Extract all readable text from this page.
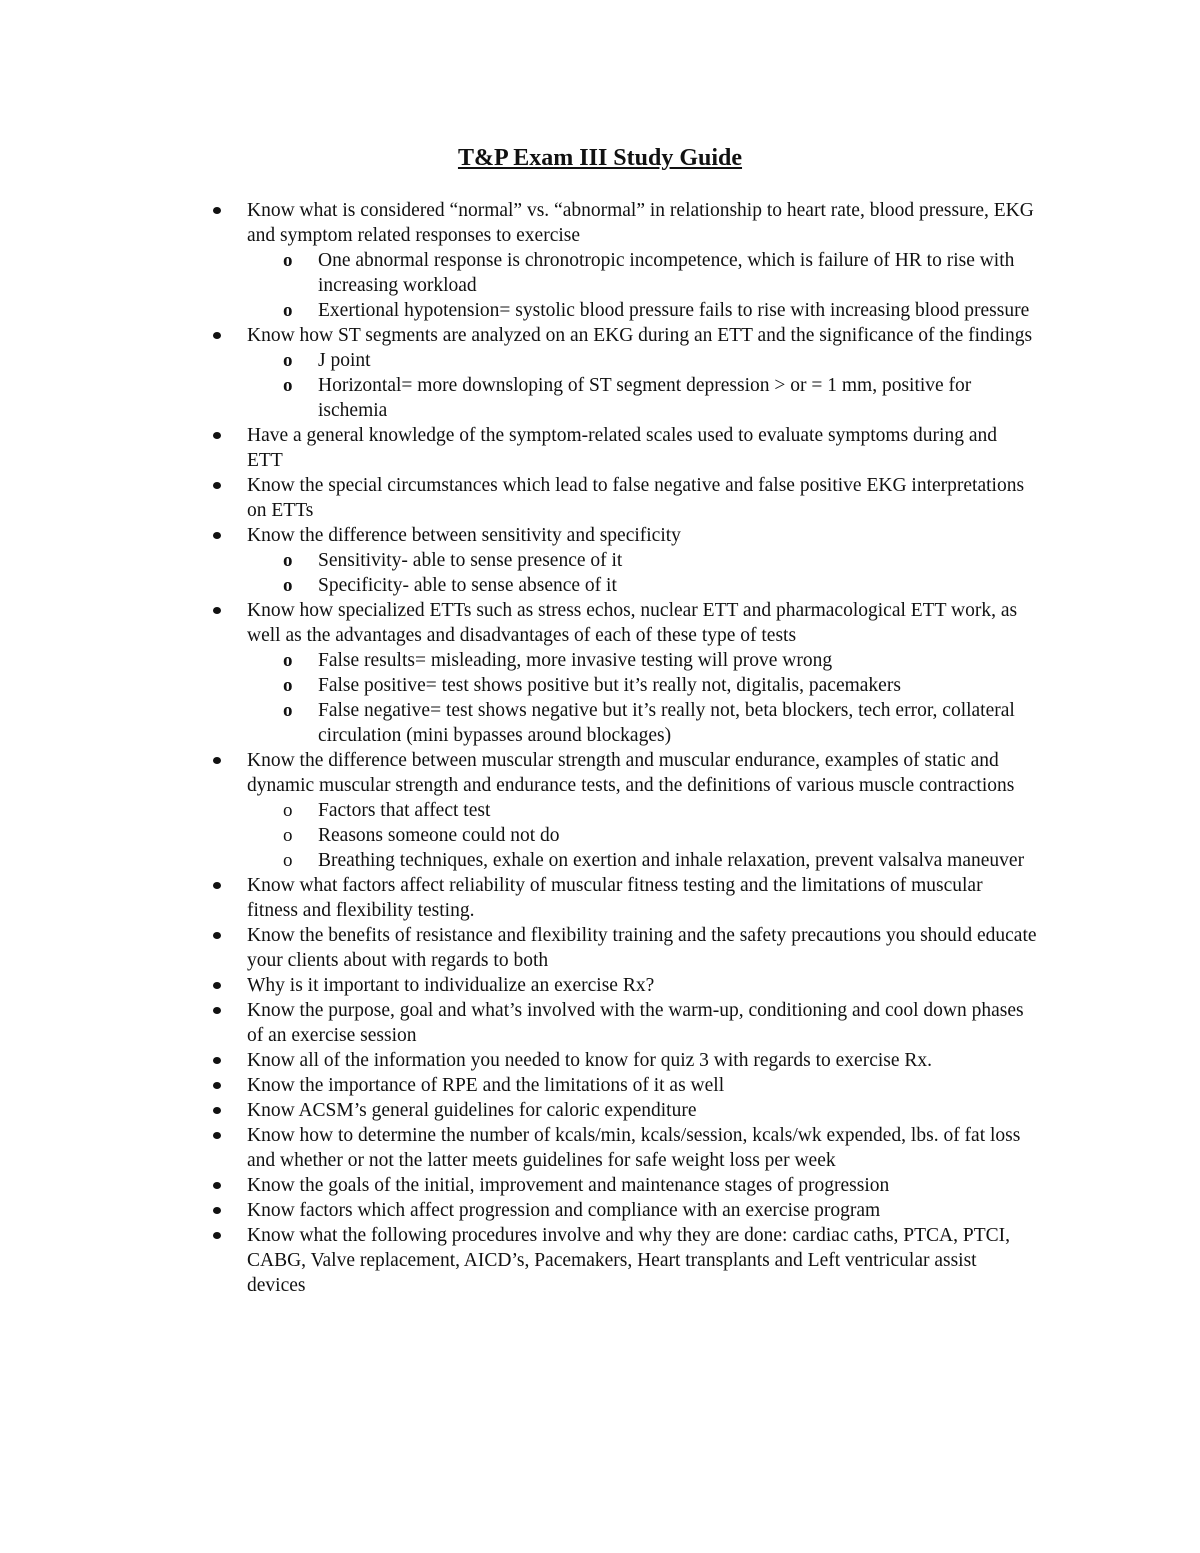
T&P Exam III Study Guide
Know what is considered “normal” vs. “abnormal” in relationship to heart rate, blood pressure, EKG and symptom related responses to exercise
o One abnormal response is chronotropic incompetence, which is failure of HR to rise with increasing workload
o Exertional hypotension= systolic blood pressure fails to rise with increasing blood pressure
Know how ST segments are analyzed on an EKG during an ETT and the significance of the findings
o J point
o Horizontal= more downsloping of ST segment depression > or = 1 mm, positive for ischemia
Have a general knowledge of the symptom-related scales used to evaluate symptoms during and ETT
Know the special circumstances which lead to false negative and false positive EKG interpretations on ETTs
Know the difference between sensitivity and specificity
o Sensitivity- able to sense presence of it
o Specificity- able to sense absence of it
Know how specialized ETTs such as stress echos, nuclear ETT and pharmacological ETT work, as well as the advantages and disadvantages of each of these type of tests
o False results= misleading, more invasive testing will prove wrong
o False positive= test shows positive but it’s really not, digitalis, pacemakers
o False negative= test shows negative but it’s really not, beta blockers, tech error, collateral circulation (mini bypasses around blockages)
Know the difference between muscular strength and muscular endurance, examples of static and dynamic muscular strength and endurance tests, and the definitions of various muscle contractions
o Factors that affect test
o Reasons someone could not do
o Breathing techniques, exhale on exertion and inhale relaxation, prevent valsalva maneuver
Know what factors affect reliability of muscular fitness testing and the limitations of muscular fitness and flexibility testing.
Know the benefits of resistance and flexibility training and the safety precautions you should educate your clients about with regards to both
Why is it important to individualize an exercise Rx?
Know the purpose, goal and what’s involved with the warm-up, conditioning and cool down phases of an exercise session
Know all of the information you needed to know for quiz 3 with regards to exercise Rx.
Know the importance of RPE and the limitations of it as well
Know ACSM’s general guidelines for caloric expenditure
Know how to determine the number of kcals/min, kcals/session, kcals/wk expended, lbs. of fat loss and whether or not the latter meets guidelines for safe weight loss per week
Know the goals of the initial, improvement and maintenance stages of progression
Know factors which affect progression and compliance with an exercise program
Know what the following procedures involve and why they are done: cardiac caths, PTCA, PTCI, CABG, Valve replacement, AICD’s, Pacemakers, Heart transplants and Left ventricular assist devices
